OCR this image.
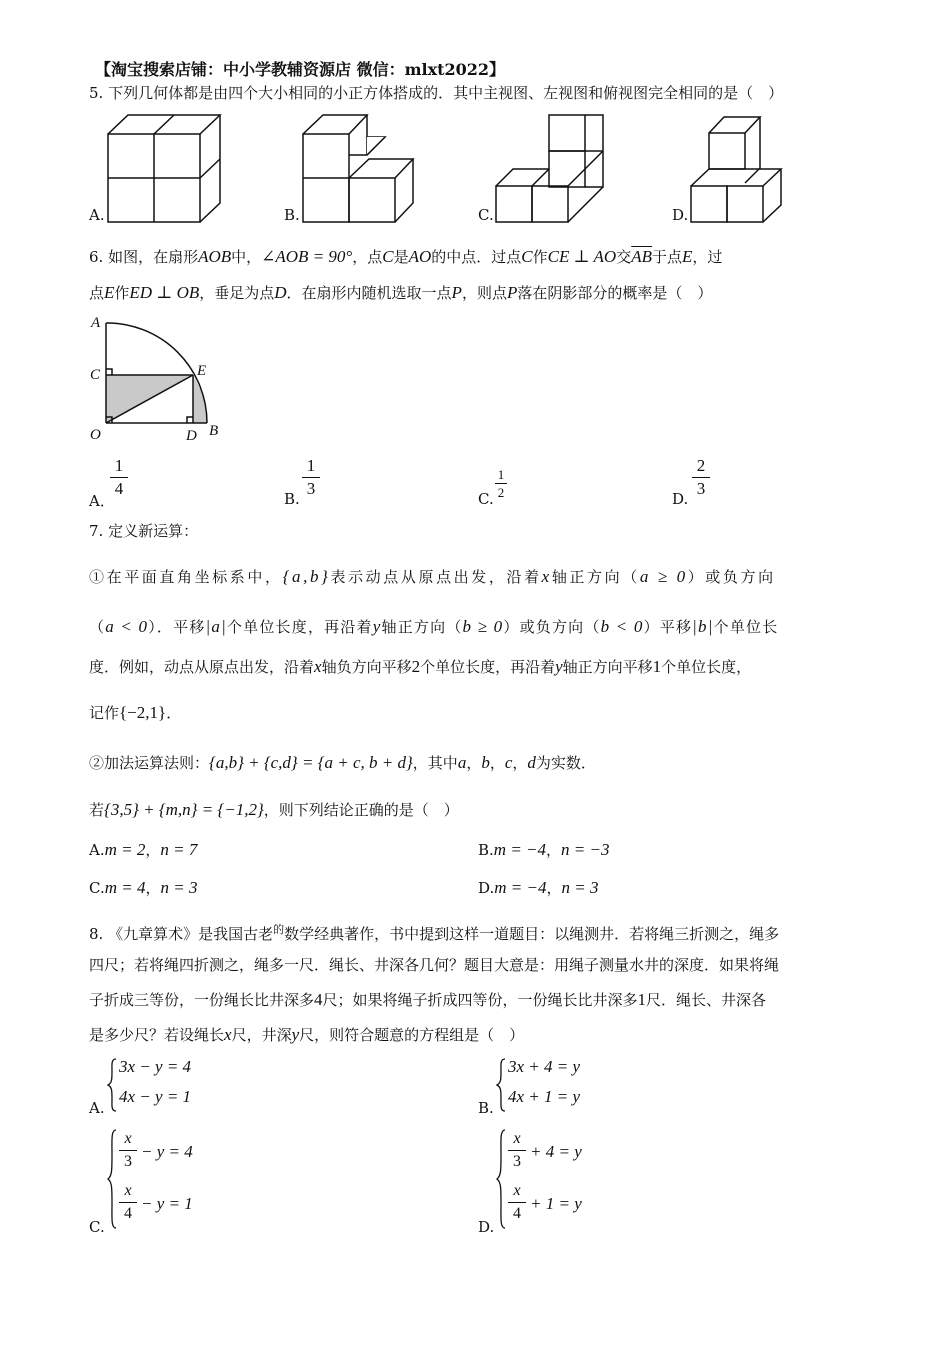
【淘宝搜索店铺：中小学教辅资源店 微信：mlxt2022】
5. 下列几何体都是由四个大小相同的小正方体搭成的．其中主视图、左视图和俯视图完全相同的是（　）
A.	B.	C.	D.
6. 如图，在扇形AOB中，∠AOB = 90°，点C是AO的中点．过点C作CE ⊥ AO交$\overline{AB}$于点E，过
点E作ED ⊥ OB，垂足为点D．在扇形内随机选取一点P，则点P落在阴影部分的概率是（　）
A
C	E
O	D B
A．
1
4
B.
1
3
C.
1
2	D.
2
3
7. 定义新运算：
①在平面直角坐标系中，{a,b}表示动点从原点出发，沿着x轴正方向（a ≥ 0）或负方向
（a < 0）．平移|a|个单位长度，再沿着y轴正方向（b ≥ 0）或负方向（b < 0）平移|b|个单位长
度．例如，动点从原点出发，沿着x轴负方向平移2个单位长度，再沿着y轴正方向平移1个单位长度，
记作{−2,1}．
②加法运算法则：{a,b} + {c,d} = {a + c, b + d}，其中a，b，c，d为实数．
若{3,5} + {m,n} = {−1,2}，则下列结论正确的是（　）
A.m = 2，n = 7	B.m = −4，n = −3
C.m = 4，n = 3	D.m = −4，n = 3
8. 《九章算术》是我国古老$^的$数学经典著作，书中提到这样一道题目：以绳测井．若将绳三折测之，绳多
四尺；若将绳四折测之，绳多一尺．绳长、井深各几何？题目大意是：用绳子测量水井的深度．如果将绳
子折成三等份，一份绳长比井深多4尺；如果将绳子折成四等份，一份绳长比井深多1尺．绳长、井深各
是多少尺？若设绳长x尺，井深y尺，则符合题意的方程组是（　）
A.
3x − y = 4
4x − y = 1
B.
3x + 4 = y
4x + 1 = y
C.
x
3
− y = 4
x
4
− y = 1
D.
x
3
+ 4 = y
x
4
+ 1 = y
